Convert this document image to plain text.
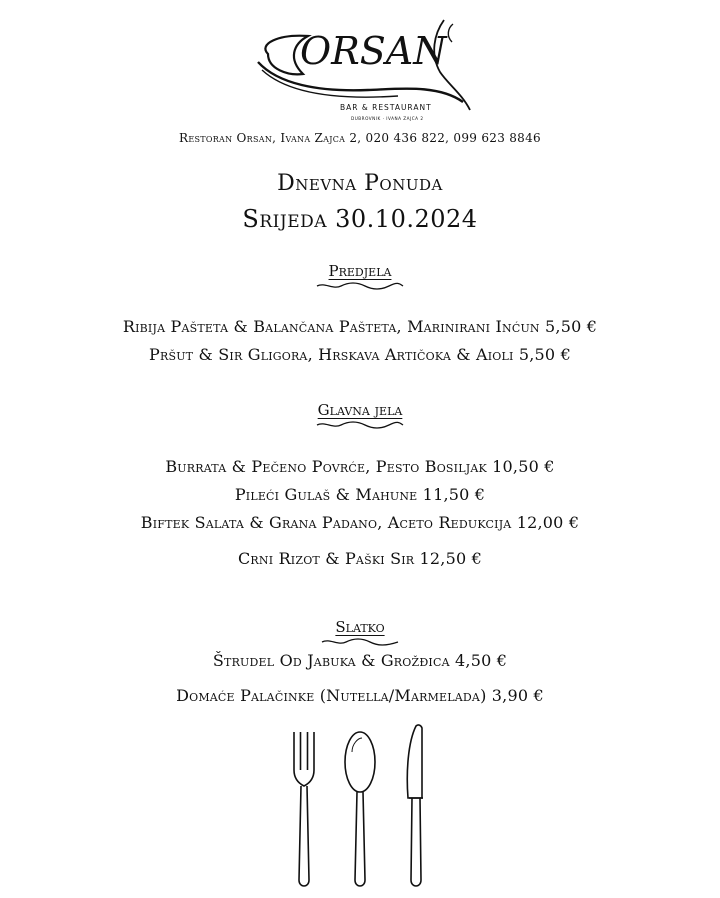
ORSAN
BAR & RESTAURANT
DUBROVNIK · IVANA ZAJCA 2
Restoran Orsan, Ivana Zajca 2, 020 436 822, 099 623 8846
Dnevna Ponuda
Srijeda 30.10.2024
Predjela
Ribija Pašteta & Balančana Pašteta, Marinirani Inćun 5,50 €
Pršut & Sir Gligora, Hrskava Artičoka & Aioli 5,50 €
Glavna jela
Burrata & Pečeno Povrće, Pesto Bosiljak 10,50 €
Pileći Gulaš & Mahune 11,50 €
Biftek Salata & Grana Padano, Aceto Redukcija 12,00 €
Crni Rizot & Paški Sir 12,50 €
Slatko
Štrudel Od Jabuka & Grožđica 4,50 €
Domaće Palačinke (Nutella/Marmelada) 3,90 €
